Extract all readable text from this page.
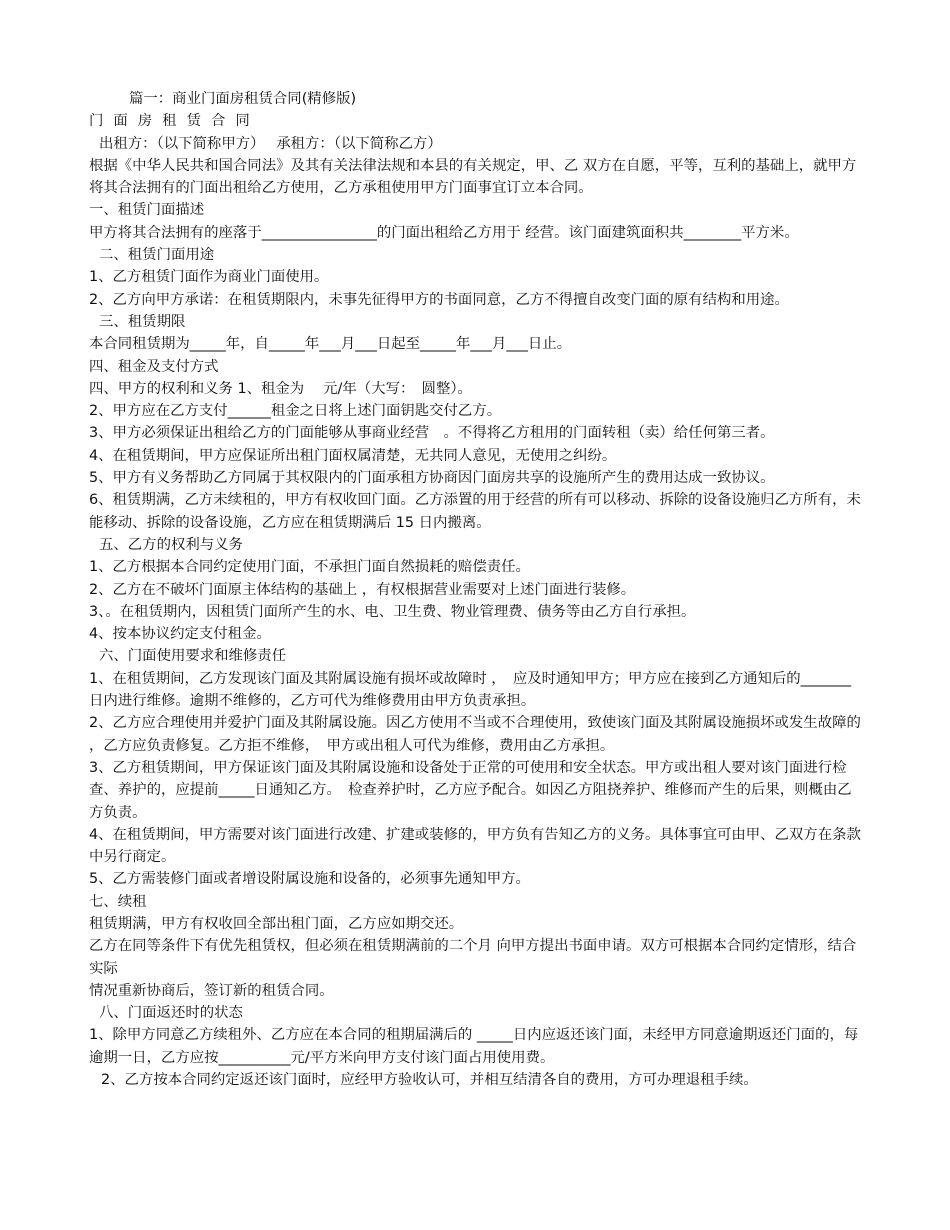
篇一：商业门面房租赁合同(精修版)

门面房租赁合同

出租方：（以下简称甲方）　 承租方：（以下简称乙方）

根据《中华人民共和国合同法》及其有关法律法规和本县的有关规定，甲、乙 双方在自愿，平等，互利的基础上，就甲方将其合法拥有的门面出租给乙方使用，乙方承租使用甲方门面事宜订立本合同。

一、租赁门面描述

甲方将其合法拥有的座落于________________的门面出租给乙方用于 经营。该门面建筑面积共________平方米。

二、租赁门面用途

1、乙方租赁门面作为商业门面使用。

2、乙方向甲方承诺：在租赁期限内，未事先征得甲方的书面同意，乙方不得擅自改变门面的原有结构和用途。

三、租赁期限

本合同租赁期为_____年，自_____年___月___日起至_____年___月___日止。

四、租金及支付方式

四、甲方的权利和义务 1、租金为　 元/年（大写：　圆整）。

2、甲方应在乙方支付______租金之日将上述门面钥匙交付乙方。

3、甲方必须保证出租给乙方的门面能够从事商业经营　。不得将乙方租用的门面转租（卖）给任何第三者。

4、在租赁期间，甲方应保证所出租门面权属清楚，无共同人意见，无使用之纠纷。

5、甲方有义务帮助乙方同属于其权限内的门面承租方协商因门面房共享的设施所产生的费用达成一致协议。

6、租赁期满，乙方未续租的，甲方有权收回门面。乙方添置的用于经营的所有可以移动、拆除的设备设施归乙方所有，未能移动、拆除的设备设施，乙方应在租赁期满后 15 日内搬离。

五、乙方的权利与义务

1、乙方根据本合同约定使用门面，不承担门面自然损耗的赔偿责任。

2、乙方在不破坏门面原主体结构的基础上 ，有权根据营业需要对上述门面进行装修。

3、。在租赁期内，因租赁门面所产生的水、电、卫生费、物业管理费、债务等由乙方自行承担。

4、按本协议约定支付租金。

六、门面使用要求和维修责任

1、在租赁期间，乙方发现该门面及其附属设施有损坏或故障时 ，　应及时通知甲方；甲方应在接到乙方通知后的_______日内进行维修。逾期不维修的，乙方可代为维修费用由甲方负责承担。

2、乙方应合理使用并爱护门面及其附属设施。因乙方使用不当或不合理使用，致使该门面及其附属设施损坏或发生故障的 ，乙方应负责修复。乙方拒不维修，　甲方或出租人可代为维修，费用由乙方承担。

3、乙方租赁期间，甲方保证该门面及其附属设施和设备处于正常的可使用和安全状态。甲方或出租人要对该门面进行检查、养护的，应提前_____日通知乙方。　检查养护时，乙方应予配合。如因乙方阻挠养护、维修而产生的后果，则概由乙方负责。

4、在租赁期间，甲方需要对该门面进行改建、扩建或装修的，甲方负有告知乙方的义务。具体事宜可由甲、乙双方在条款中另行商定。

5、乙方需装修门面或者增设附属设施和设备的，必须事先通知甲方。

七、续租

租赁期满，甲方有权收回全部出租门面，乙方应如期交还。

乙方在同等条件下有优先租赁权，但必须在租赁期满前的二个月 向甲方提出书面申请。双方可根据本合同约定情形，结合实际

情况重新协商后，签订新的租赁合同。

八、门面返还时的状态

1、除甲方同意乙方续租外、乙方应在本合同的租期届满后的 _____日内应返还该门面，未经甲方同意逾期返还门面的，每逾期一日，乙方应按__________元/平方米向甲方支付该门面占用使用费。

2、乙方按本合同约定返还该门面时，应经甲方验收认可，并相互结清各自的费用，方可办理退租手续。
